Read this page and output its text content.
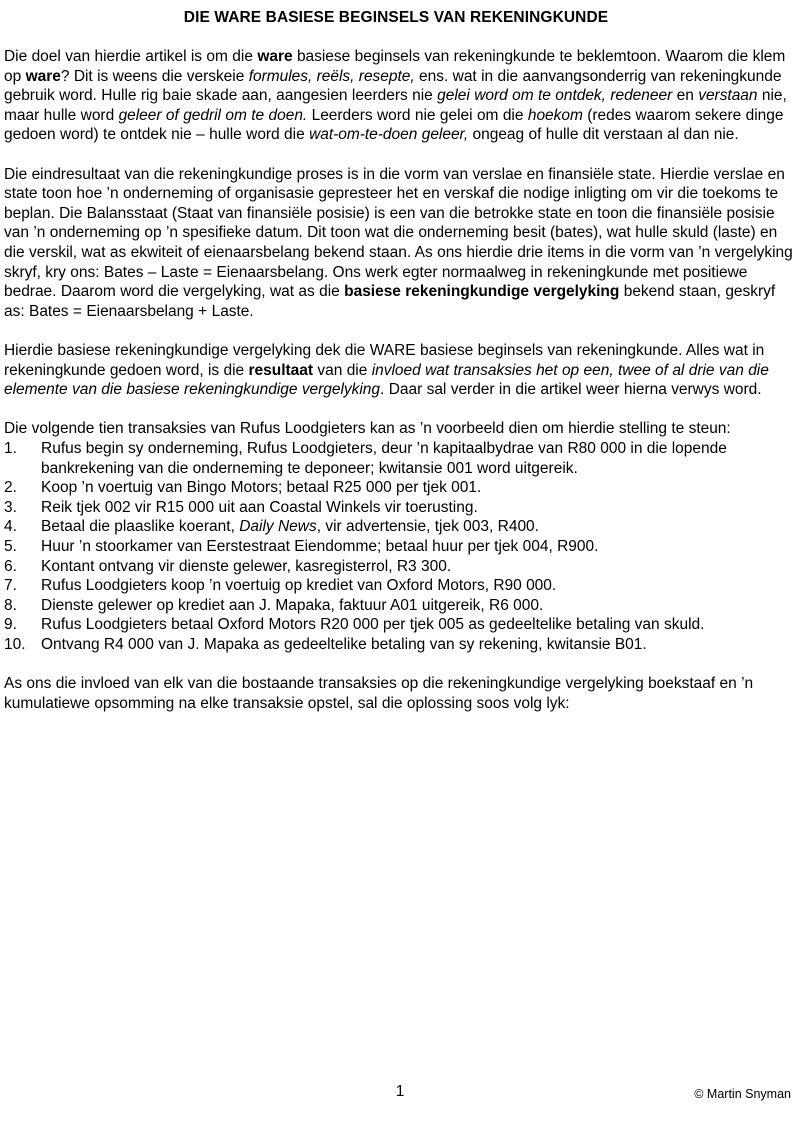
DIE WARE BASIESE BEGINSELS VAN REKENINGKUNDE

Die doel van hierdie artikel is om die ware basiese beginsels van rekeningkunde te beklemtoon. Waarom die klem op ware? Dit is weens die verskeie formules, reëls, resepte, ens. wat in die aanvangsonderrig van rekeningkunde gebruik word. Hulle rig baie skade aan, aangesien leerders nie gelei word om te ontdek, redeneer en verstaan nie, maar hulle word geleer of gedril om te doen. Leerders word nie gelei om die hoekom (redes waarom sekere dinge gedoen word) te ontdek nie – hulle word die wat-om-te-doen geleer, ongeag of hulle dit verstaan al dan nie.

Die eindresultaat van die rekeningkundige proses is in die vorm van verslae en finansiële state. Hierdie verslae en state toon hoe ’n onderneming of organisasie gepresteer het en verskaf die nodige inligting om vir die toekoms te beplan. Die Balansstaat (Staat van finansiële posisie) is een van die betrokke state en toon die finansiële posisie van ’n onderneming op ’n spesifieke datum. Dit toon wat die onderneming besit (bates), wat hulle skuld (laste) en die verskil, wat as ekwiteit of eienaarsbelang bekend staan. As ons hierdie drie items in die vorm van ’n vergelyking skryf, kry ons: Bates – Laste = Eienaarsbelang. Ons werk egter normaalweg in rekeningkunde met positiewe bedrae. Daarom word die vergelyking, wat as die basiese rekeningkundige vergelyking bekend staan, geskryf as: Bates = Eienaarsbelang + Laste.

Hierdie basiese rekeningkundige vergelyking dek die WARE basiese beginsels van rekeningkunde. Alles wat in rekeningkunde gedoen word, is die resultaat van die invloed wat transaksies het op een, twee of al drie van die elemente van die basiese rekeningkundige vergelyking. Daar sal verder in die artikel weer hierna verwys word.

Die volgende tien transaksies van Rufus Loodgieters kan as ’n voorbeeld dien om hierdie stelling te steun:

1.	Rufus begin sy onderneming, Rufus Loodgieters, deur ’n kapitaalbydrae van R80 000 in die lopende bankrekening van die onderneming te deponeer; kwitansie 001 word uitgereik.
2.	Koop ’n voertuig van Bingo Motors; betaal R25 000 per tjek 001.
3.	Reik tjek 002 vir R15 000 uit aan Coastal Winkels vir toerusting.
4.	Betaal die plaaslike koerant, Daily News, vir advertensie, tjek 003, R400.
5.	Huur ’n stoorkamer van Eerstestraat Eiendomme; betaal huur per tjek 004, R900.
6.	Kontant ontvang vir dienste gelewer, kasregisterrol, R3 300.
7.	Rufus Loodgieters koop ’n voertuig op krediet van Oxford Motors, R90 000.
8.	Dienste gelewer op krediet aan J. Mapaka, faktuur A01 uitgereik, R6 000.
9.	Rufus Loodgieters betaal Oxford Motors R20 000 per tjek 005 as gedeeltelike betaling van skuld.
10. Ontvang R4 000 van J. Mapaka as gedeeltelike betaling van sy rekening, kwitansie B01.

As ons die invloed van elk van die bostaande transaksies op die rekeningkundige vergelyking boekstaaf en ’n kumulatiewe opsomming na elke transaksie opstel, sal die oplossing soos volg lyk:

1	© Martin Snyman
